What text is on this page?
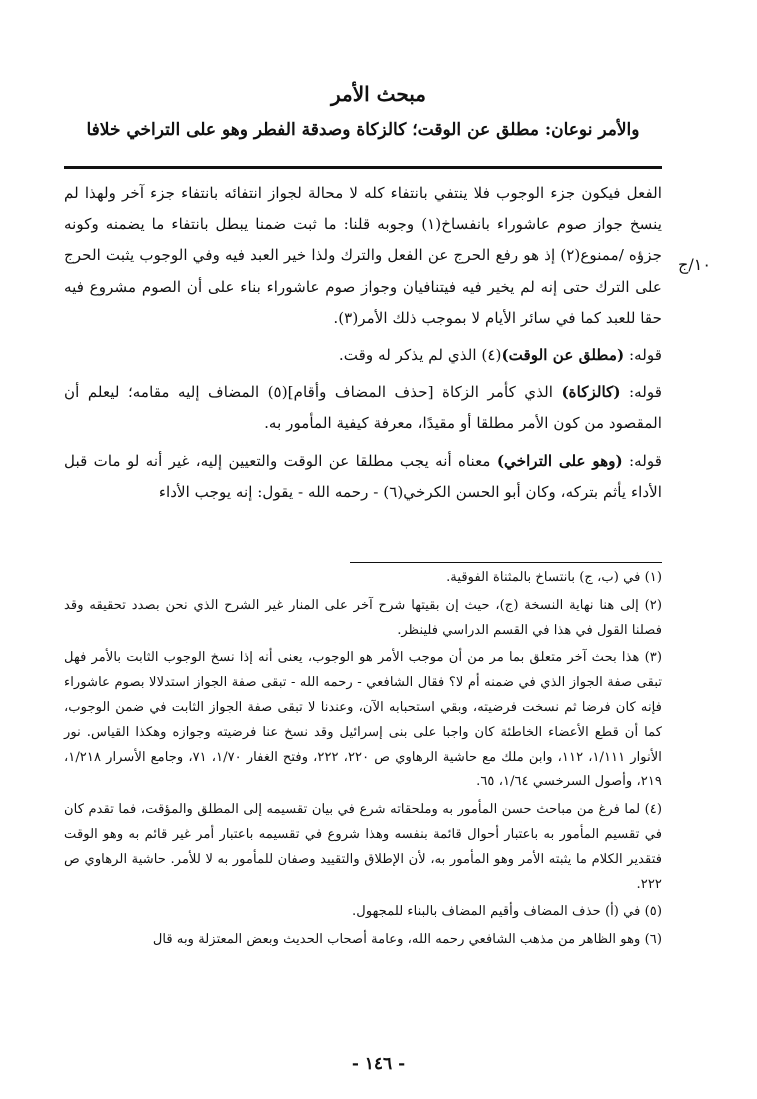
مبحث الأمر
والأمر نوعان: مطلق عن الوقت؛ كالزكاة وصدقة الفطر وهو على التراخي خلافا
١٠/ج

الفعل فيكون جزء الوجوب فلا ينتفي بانتفاء كله لا محالة لجواز انتفائه بانتفاء جزء آخر ولهذا لم ينسخ جواز صوم عاشوراء بانفساخ(١) وجوبه قلنا: ما ثبت ضمنا يبطل بانتفاء ما يضمنه وكونه جزؤه /ممنوع(٢) إذ هو رفع الحرج عن الفعل والترك ولذا خير العبد فيه وفي الوجوب يثبت الحرج على الترك حتى إنه لم يخير فيه فيتنافيان وجواز صوم عاشوراء بناء على أن الصوم مشروع فيه حقا للعبد كما في سائر الأيام لا بموجب ذلك الأمر(٣).

قوله: (مطلق عن الوقت)(٤) الذي لم يذكر له وقت.

قوله: (كالزكاة) الذي كأمر الزكاة [حذف المضاف وأقام](٥) المضاف إليه مقامه؛ ليعلم أن المقصود من كون الأمر مطلقا أو مقيدًا، معرفة كيفية المأمور به.

قوله: (وهو على التراخي) معناه أنه يجب مطلقا عن الوقت والتعيين إليه، غير أنه لو مات قبل الأداء يأثم بتركه، وكان أبو الحسن الكرخي(٦) - رحمه الله - يقول: إنه يوجب الأداء

(١) في (ب، ج) بانتساخ بالمثناة الفوقية.

(٢) إلى هنا نهاية النسخة (ج)، حيث إن بقيتها شرح آخر على المنار غير الشرح الذي نحن بصدد تحقيقه وقد فصلنا القول في هذا في القسم الدراسي فلينظر.

(٣) هذا بحث آخر متعلق بما مر من أن موجب الأمر هو الوجوب، يعنى أنه إذا نسخ الوجوب الثابت بالأمر فهل تبقى صفة الجواز الذي في ضمنه أم لا؟ فقال الشافعي - رحمه الله - تبقى صفة الجواز استدلالا بصوم عاشوراء فإنه كان فرضا ثم نسخت فرضيته، وبقي استحبابه الآن، وعندنا لا تبقى صفة الجواز الثابت في ضمن الوجوب، كما أن قطع الأعضاء الخاطئة كان واجبا على بنى إسرائيل وقد نسخ عنا فرضيته وجوازه وهكذا القياس. نور الأنوار ١/١١١، ١١٢، وابن ملك مع حاشية الرهاوي ص ٢٢٠، ٢٢٢، وفتح الغفار ١/٧٠، ٧١، وجامع الأسرار ١/٢١٨، ٢١٩، وأصول السرخسي ١/٦٤، ٦٥.

(٤) لما فرغ من مباحث حسن المأمور به وملحقاته شرع في بيان تقسيمه إلى المطلق والمؤقت، فما تقدم كان في تقسيم المأمور به باعتبار أحوال قائمة بنفسه وهذا شروع في تقسيمه باعتبار أمر غير قائم به وهو الوقت فتقدير الكلام ما يثبته الأمر وهو المأمور به، لأن الإطلاق والتقييد وصفان للمأمور به لا للأمر. حاشية الرهاوي ص ٢٢٢.

(٥) في (أ) حذف المضاف وأقيم المضاف بالبناء للمجهول.

(٦) وهو الظاهر من مذهب الشافعي رحمه الله، وعامة أصحاب الحديث وبعض المعتزلة وبه قال

- ١٤٦ -
